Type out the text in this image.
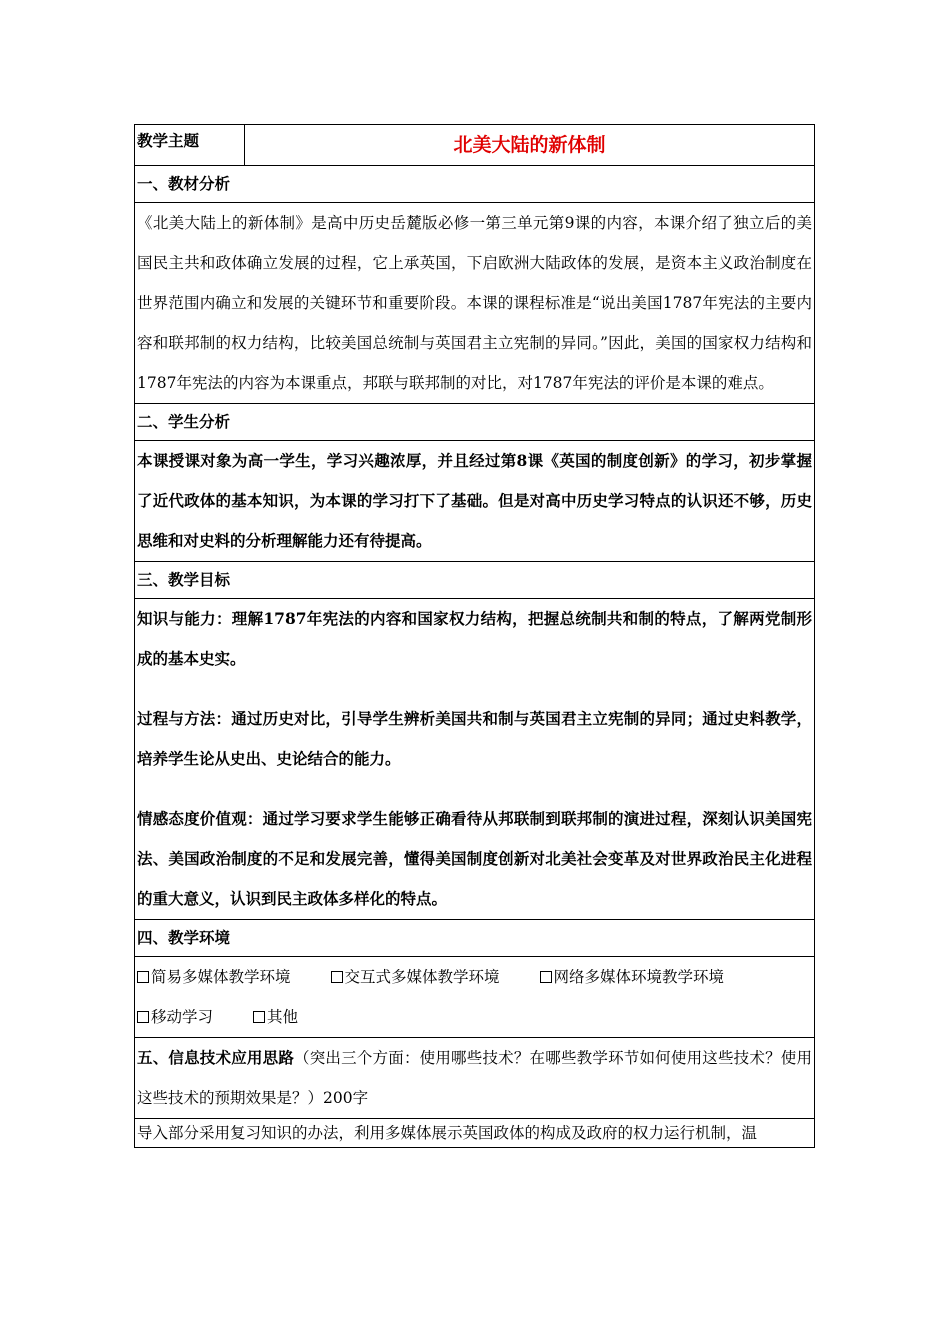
教学主题	北美大陆的新体制
一、教材分析
《北美大陆上的新体制》是高中历史岳麓版必修一第三单元第9课的内容，本课介绍了独立后的美国民主共和政体确立发展的过程，它上承英国，下启欧洲大陆政体的发展，是资本主义政治制度在世界范围内确立和发展的关键环节和重要阶段。本课的课程标准是“说出美国1787年宪法的主要内容和联邦制的权力结构，比较美国总统制与英国君主立宪制的异同。”因此，美国的国家权力结构和1787年宪法的内容为本课重点，邦联与联邦制的对比，对1787年宪法的评价是本课的难点。
二、学生分析
本课授课对象为高一学生，学习兴趣浓厚，并且经过第8课《英国的制度创新》的学习，初步掌握了近代政体的基本知识，为本课的学习打下了基础。但是对高中历史学习特点的认识还不够，历史思维和对史料的分析理解能力还有待提高。
三、教学目标

知识与能力：理解1787年宪法的内容和国家权力结构，把握总统制共和制的特点，了解两党制形成的基本史实。
过程与方法：通过历史对比，引导学生辨析美国共和制与英国君主立宪制的异同；通过史料教学，培养学生论从史出、史论结合的能力。
情感态度价值观：通过学习要求学生能够正确看待从邦联制到联邦制的演进过程，深刻认识美国宪法、美国政治制度的不足和发展完善，懂得美国制度创新对北美社会变革及对世界政治民主化进程的重大意义，认识到民主政体多样化的特点。

四、教学环境

简易多媒体教学环境	交互式多媒体教学环境	网络多媒体环境教学环境
移动学习	其他

五、信息技术应用思路（突出三个方面：使用哪些技术？在哪些教学环节如何使用这些技术？使用这些技术的预期效果是？）200字
导入部分采用复习知识的办法，利用多媒体展示英国政体的构成及政府的权力运行机制，温
